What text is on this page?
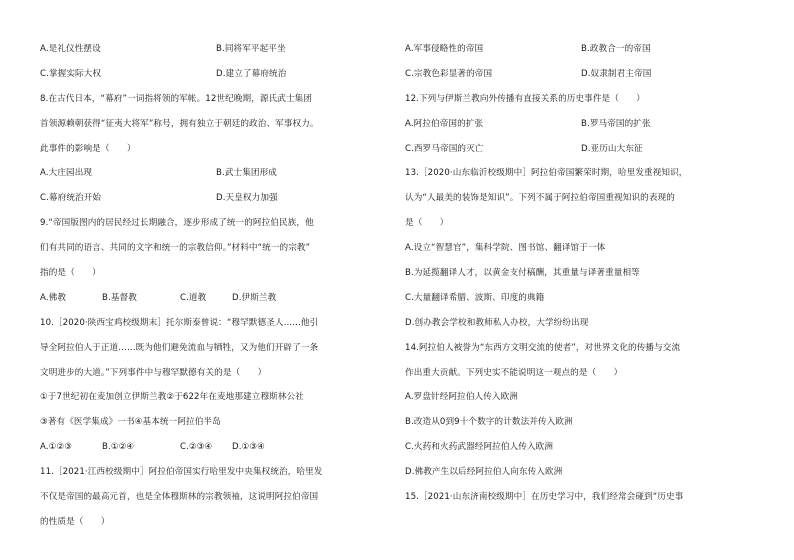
A.是礼仪性摆设	B.同将军平起平坐
C.掌握实际大权	D.建立了幕府统治
8.在古代日本，“幕府”一词指将领的军帐。12世纪晚期，源氏武士集团
首领源赖朝获得“征夷大将军”称号，拥有独立于朝廷的政治、军事权力。
此事件的影响是（　　）
A.大庄园出现	B.武士集团形成
C.幕府统治开始	D.天皇权力加强
9.“帝国版图内的居民经过长期融合，逐步形成了统一的阿拉伯民族，他
们有共同的语言、共同的文字和统一的宗教信仰。”材料中“统一的宗教”
指的是（　　）
A.佛教	B.基督教	C.道教	D.伊斯兰教
10.［2020·陕西宝鸡校级期末］托尔斯泰曾说：“穆罕默德圣人……他引
导全阿拉伯人于正道……既为他们避免流血与牺牲，又为他们开辟了一条
文明进步的大道。”下列事件中与穆罕默德有关的是（　　）
①于7世纪初在麦加创立伊斯兰教②于622年在麦地那建立穆斯林公社
③著有《医学集成》一书④基本统一阿拉伯半岛
A.①②③	B.①②④	C.②③④ D.①③④
11.［2021·江西校级期中］阿拉伯帝国实行哈里发中央集权统治，哈里发
不仅是帝国的最高元首，也是全体穆斯林的宗教领袖，这说明阿拉伯帝国
的性质是（　　）
A.军事侵略性的帝国	B.政教合一的帝国
C.宗教色彩显著的帝国	D.奴隶制君主帝国
12.下列与伊斯兰教向外传播有直接关系的历史事件是（　　）
A.阿拉伯帝国的扩张	B.罗马帝国的扩张
C.西罗马帝国的灭亡	D.亚历山大东征
13.［2020·山东临沂校级期中］阿拉伯帝国繁荣时期，哈里发重视知识，
认为“人最美的装饰是知识”。下列不属于阿拉伯帝国重视知识的表现的
是（　　）
A.设立“智慧官”，集科学院、图书馆、翻译馆于一体
B.为延揽翻译人才，以黄金支付稿酬，其重量与译著重量相等
C.大量翻译希腊、波斯、印度的典籍
D.创办教会学校和教师私人办校，大学纷纷出现
14.阿拉伯人被誉为“东西方文明交流的使者”，对世界文化的传播与交流
作出重大贡献。下列史实不能说明这一观点的是（　　）
A.罗盘针经阿拉伯人传入欧洲
B.改造从0到9十个数字的计数法并传入欧洲
C.火药和火药武器经阿拉伯人传入欧洲
D.佛教产生以后经阿拉伯人向东传入欧洲
15.［2021·山东济南校级期中］在历史学习中，我们经常会碰到“历史事
